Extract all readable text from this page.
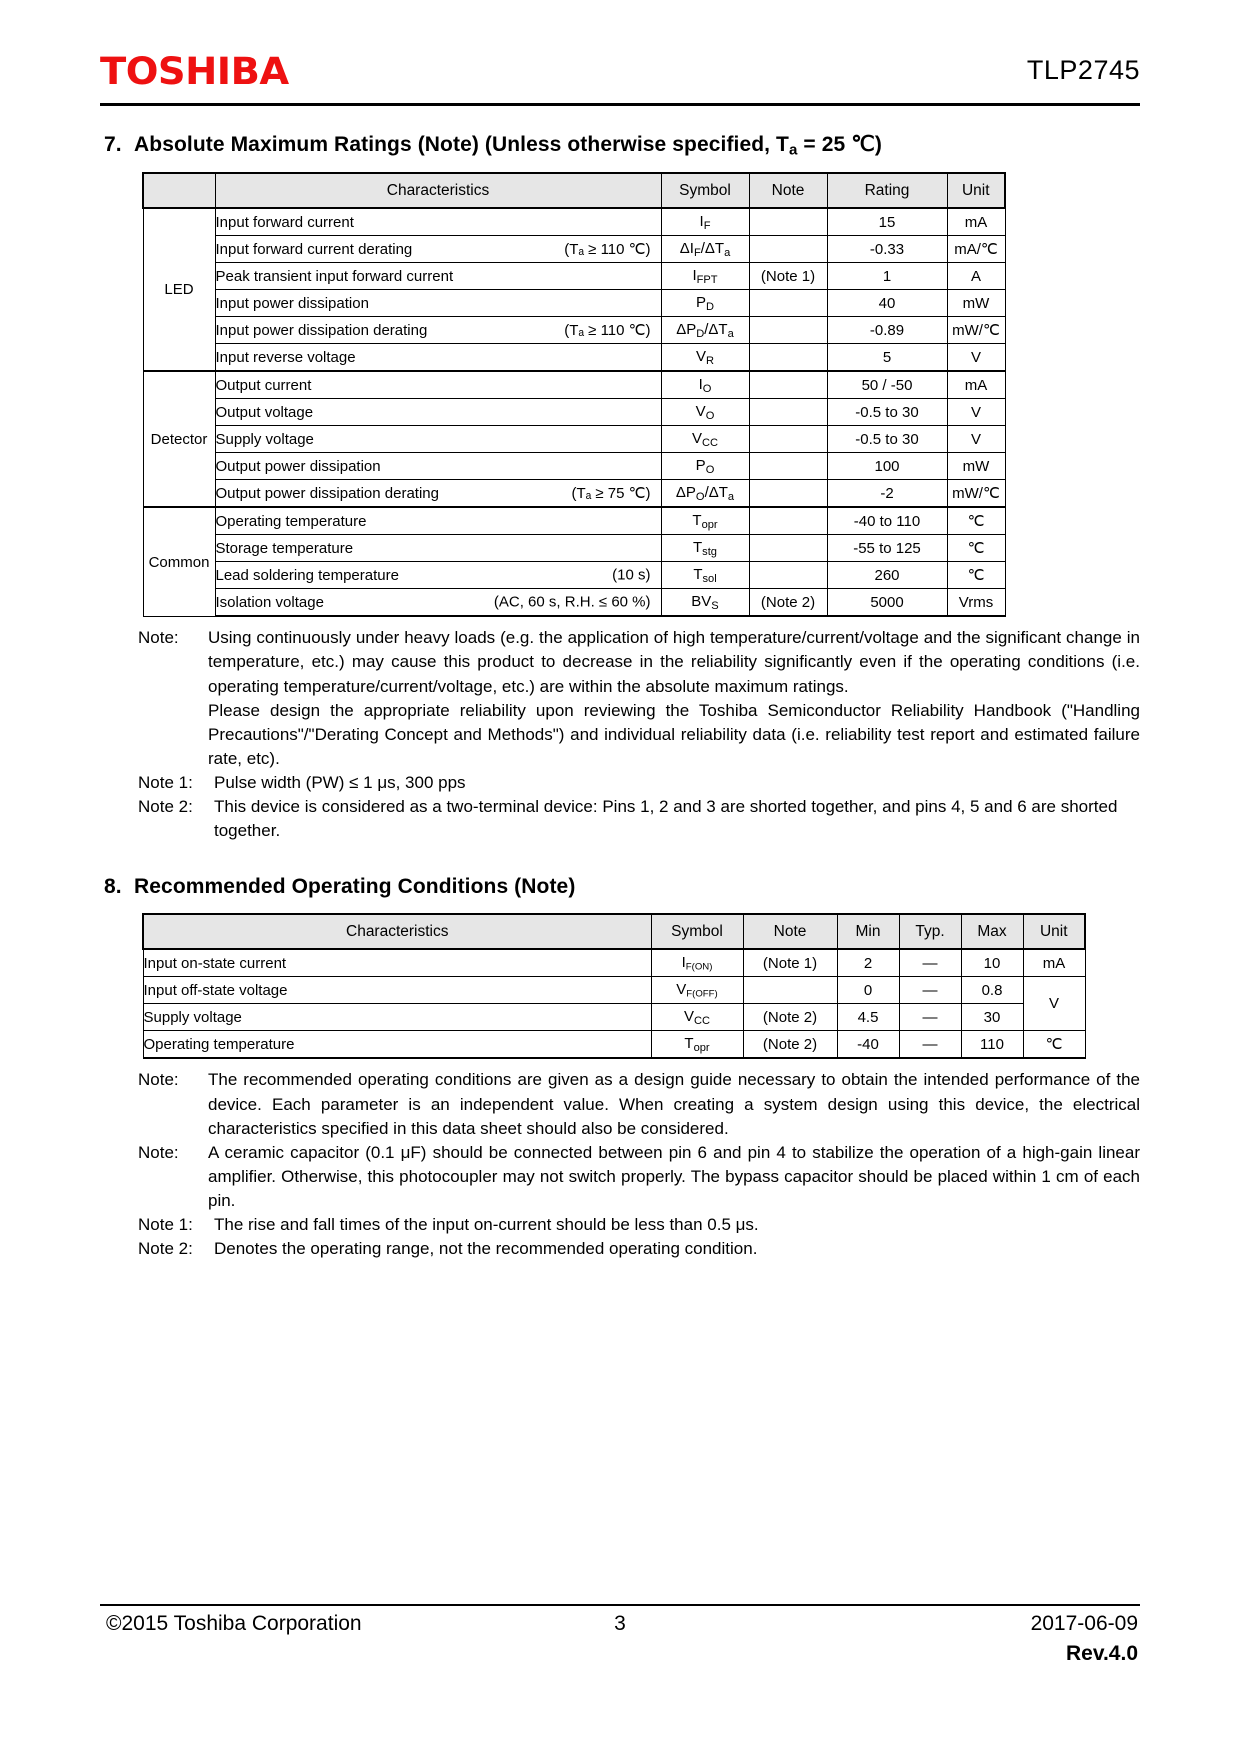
TOSHIBA	TLP2745
7. Absolute Maximum Ratings (Note) (Unless otherwise specified, $T_a = 25$ ℃)
	Characteristics	Symbol	Note	Rating	Unit
LED	Input forward current	$I_F$		15	mA
	Input forward current derating (Tₐ ≥ 110 ℃)	$\Delta I_F/\Delta T_a$		-0.33	mA/℃
	Peak transient input forward current	$I_{FPT}$	(Note 1)	1	A
	Input power dissipation	$P_D$		40	mW
	Input power dissipation derating (Tₐ ≥ 110 ℃)	$\Delta P_D/\Delta T_a$		-0.89	mW/℃
	Input reverse voltage	$V_R$		5	V
Detector	Output current	$I_O$		50 / -50	mA
	Output voltage	$V_O$		-0.5 to 30	V
	Supply voltage	$V_{CC}$		-0.5 to 30	V
	Output power dissipation	$P_O$		100	mW
	Output power dissipation derating (Tₐ ≥ 75 ℃)	$\Delta P_O/\Delta T_a$		-2	mW/℃
Common	Operating temperature	$T_{opr}$		-40 to 110	℃
	Storage temperature	$T_{stg}$		-55 to 125	℃
	Lead soldering temperature (10 s)	$T_{sol}$		260	℃
	Isolation voltage (AC, 60 s, R.H. ≤ 60 %)	$BV_S$	(Note 2)	5000	Vrms
Note:	Using continuously under heavy loads (e.g. the application of high temperature/current/voltage and the significant change in temperature, etc.) may cause this product to decrease in the reliability significantly even if the operating conditions (i.e. operating temperature/current/voltage, etc.) are within the absolute maximum ratings.
Please design the appropriate reliability upon reviewing the Toshiba Semiconductor Reliability Handbook ("Handling Precautions"/"Derating Concept and Methods") and individual reliability data (i.e. reliability test report and estimated failure rate, etc).
Note 1:	Pulse width (PW) ≤ 1 μs, 300 pps
Note 2:	This device is considered as a two-terminal device: Pins 1, 2 and 3 are shorted together, and pins 4, 5 and 6 are shorted together.
8. Recommended Operating Conditions (Note)
Characteristics	Symbol	Note	Min	Typ.	Max	Unit
Input on-state current	$I_{F(ON)}$	(Note 1)	2	—	10	mA
Input off-state voltage	$V_{F(OFF)}$		0	—	0.8	V
Supply voltage	$V_{CC}$	(Note 2)	4.5	—	30	
Operating temperature	$T_{opr}$	(Note 2)	-40	—	110	℃
Note:	The recommended operating conditions are given as a design guide necessary to obtain the intended performance of the device. Each parameter is an independent value. When creating a system design using this device, the electrical characteristics specified in this data sheet should also be considered.
Note:	A ceramic capacitor (0.1 μF) should be connected between pin 6 and pin 4 to stabilize the operation of a high-gain linear amplifier. Otherwise, this photocoupler may not switch properly. The bypass capacitor should be placed within 1 cm of each pin.
Note 1:	The rise and fall times of the input on-current should be less than 0.5 μs.
Note 2:	Denotes the operating range, not the recommended operating condition.
©2015 Toshiba Corporation	3	2017-06-09
Rev.4.0
